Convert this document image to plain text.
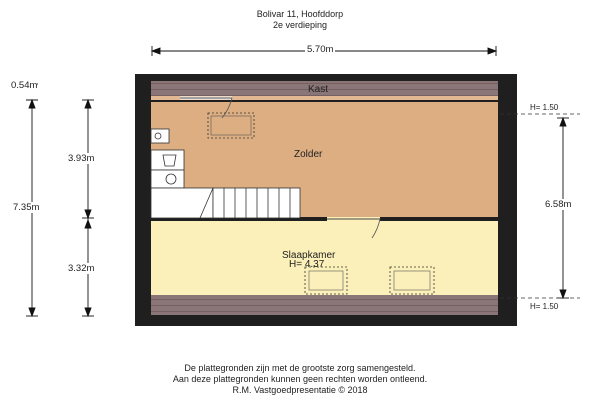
Bolivar 11, Hoofddorp
2e verdieping
5.70m
0.54m
7.35m
3.93m
3.32m
6.58m
H= 1.50
H= 1.50
Kast
Zolder
Slaapkamer
H= 4.37
De plattegronden zijn met de grootste zorg samengesteld.
Aan deze plattegronden kunnen geen rechten worden ontleend.
R.M. Vastgoedpresentatie © 2018
